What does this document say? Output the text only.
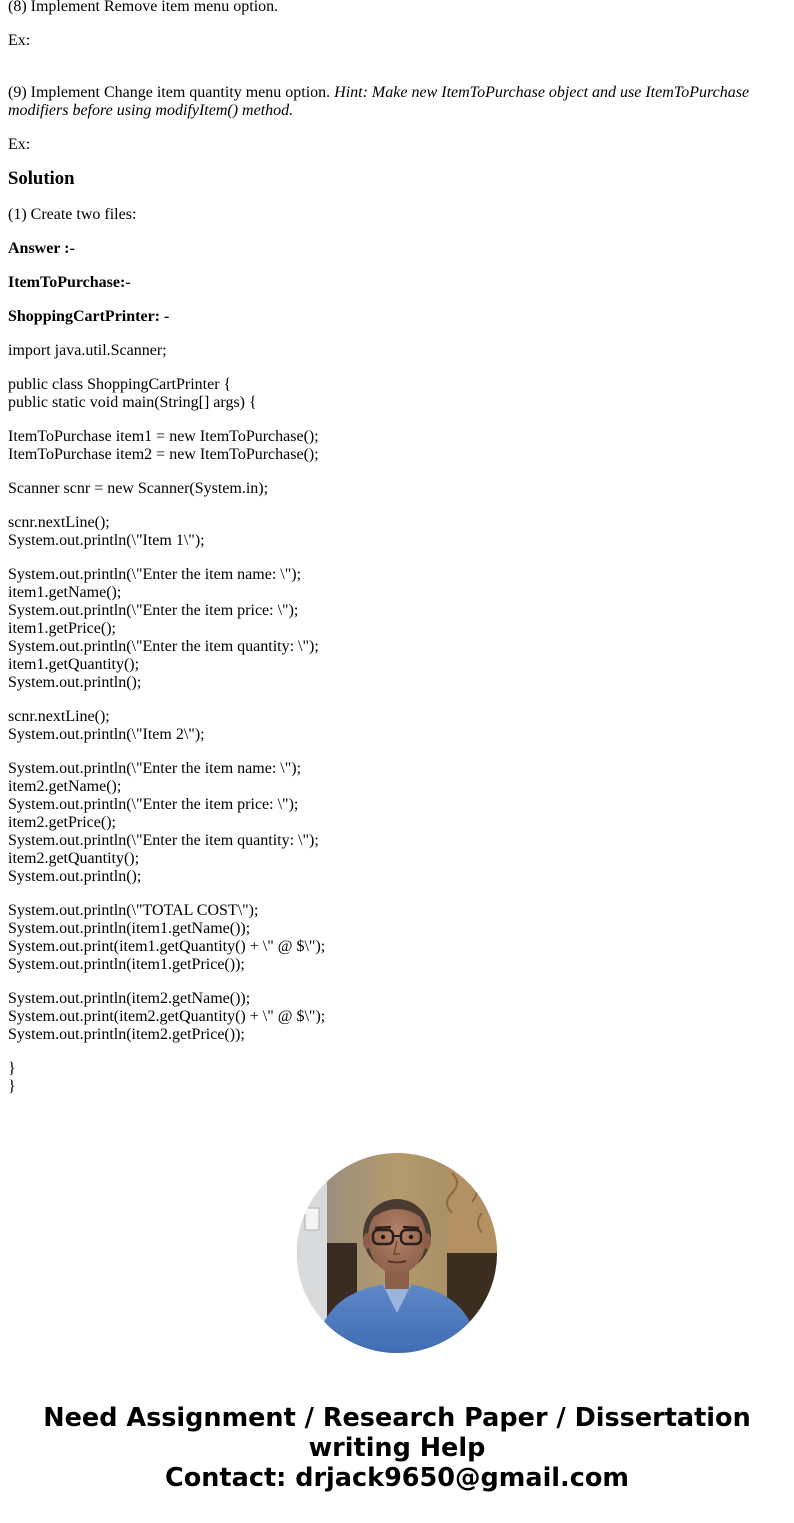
(8) Implement Remove item menu option.

Ex:

(9) Implement Change item quantity menu option. Hint: Make new ItemToPurchase object and use ItemToPurchase
modifiers before using modifyItem() method.

Ex:

Solution

(1) Create two files:

Answer :-

ItemToPurchase:-

ShoppingCartPrinter: -

import java.util.Scanner;

public class ShoppingCartPrinter {
public static void main(String[] args) {
ItemToPurchase item1 = new ItemToPurchase();
ItemToPurchase item2 = new ItemToPurchase();

Scanner scnr = new Scanner(System.in);

scnr.nextLine();
System.out.println(\"Item 1\");
System.out.println(\"Enter the item name: \");
item1.getName();
System.out.println(\"Enter the item price: \");
item1.getPrice();
System.out.println(\"Enter the item quantity: \");
item1.getQuantity();
System.out.println();
scnr.nextLine();
System.out.println(\"Item 2\");
System.out.println(\"Enter the item name: \");
item2.getName();
System.out.println(\"Enter the item price: \");
item2.getPrice();
System.out.println(\"Enter the item quantity: \");
item2.getQuantity();
System.out.println();
System.out.println(\"TOTAL COST\");
System.out.println(item1.getName());
System.out.print(item1.getQuantity() + \" @ $\");
System.out.println(item1.getPrice());
System.out.println(item2.getName());
System.out.print(item2.getQuantity() + \" @ $\");
System.out.println(item2.getPrice());
}
}
Need Assignment / Research Paper / Dissertation
writing Help
Contact: drjack9650@gmail.com
